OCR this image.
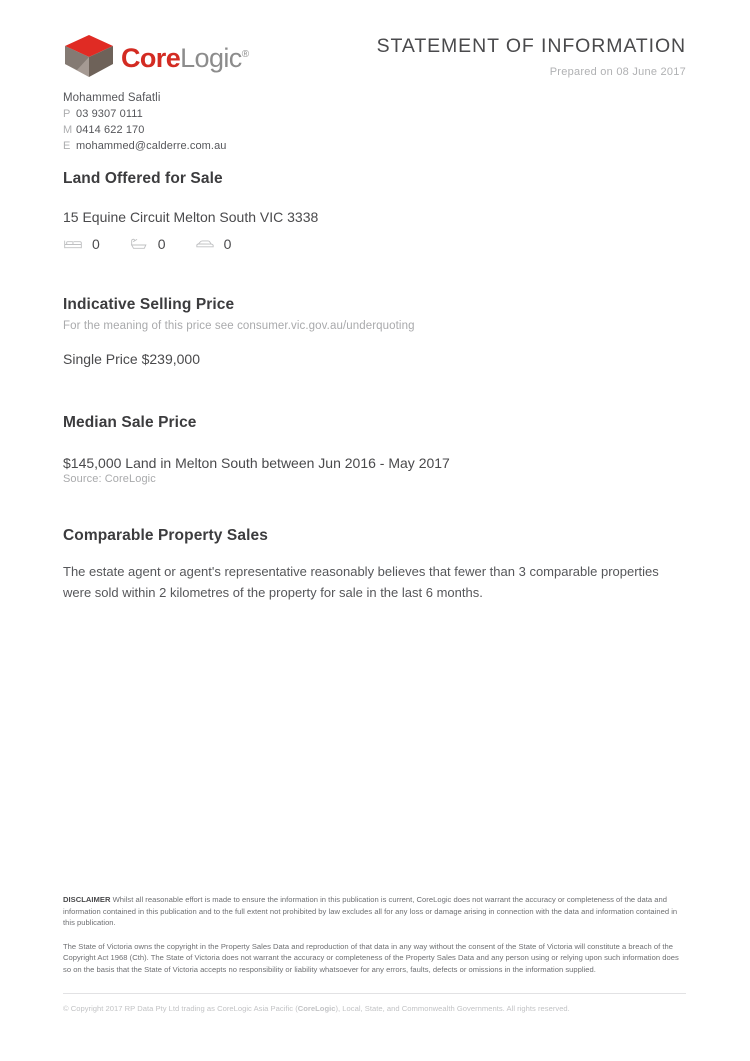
CoreLogic®
Mohammed Safatli
P 03 9307 0111
M 0414 622 170
E mohammed@calderre.com.au
STATEMENT OF INFORMATION
Prepared on 08 June 2017
Land Offered for Sale
15 Equine Circuit Melton South VIC 3338
0	0	0
Indicative Selling Price
For the meaning of this price see consumer.vic.gov.au/underquoting
Single Price $239,000
Median Sale Price
$145,000 Land in Melton South between Jun 2016 - May 2017
Source: CoreLogic
Comparable Property Sales
The estate agent or agent's representative reasonably believes that fewer than 3 comparable properties were sold within 2 kilometres of the property for sale in the last 6 months.

DISCLAIMER Whilst all reasonable effort is made to ensure the information in this publication is current, CoreLogic does not warrant the accuracy or completeness of the data and information contained in this publication and to the full extent not prohibited by law excludes all for any loss or damage arising in connection with the data and information contained in this publication.

The State of Victoria owns the copyright in the Property Sales Data and reproduction of that data in any way without the consent of the State of Victoria will constitute a breach of the Copyright Act 1968 (Cth). The State of Victoria does not warrant the accuracy or completeness of the Property Sales Data and any person using or relying upon such information does so on the basis that the State of Victoria accepts no responsibility or liability whatsoever for any errors, faults, defects or omissions in the information supplied.

© Copyright 2017 RP Data Pty Ltd trading as CoreLogic Asia Pacific (CoreLogic), Local, State, and Commonwealth Governments. All rights reserved.
